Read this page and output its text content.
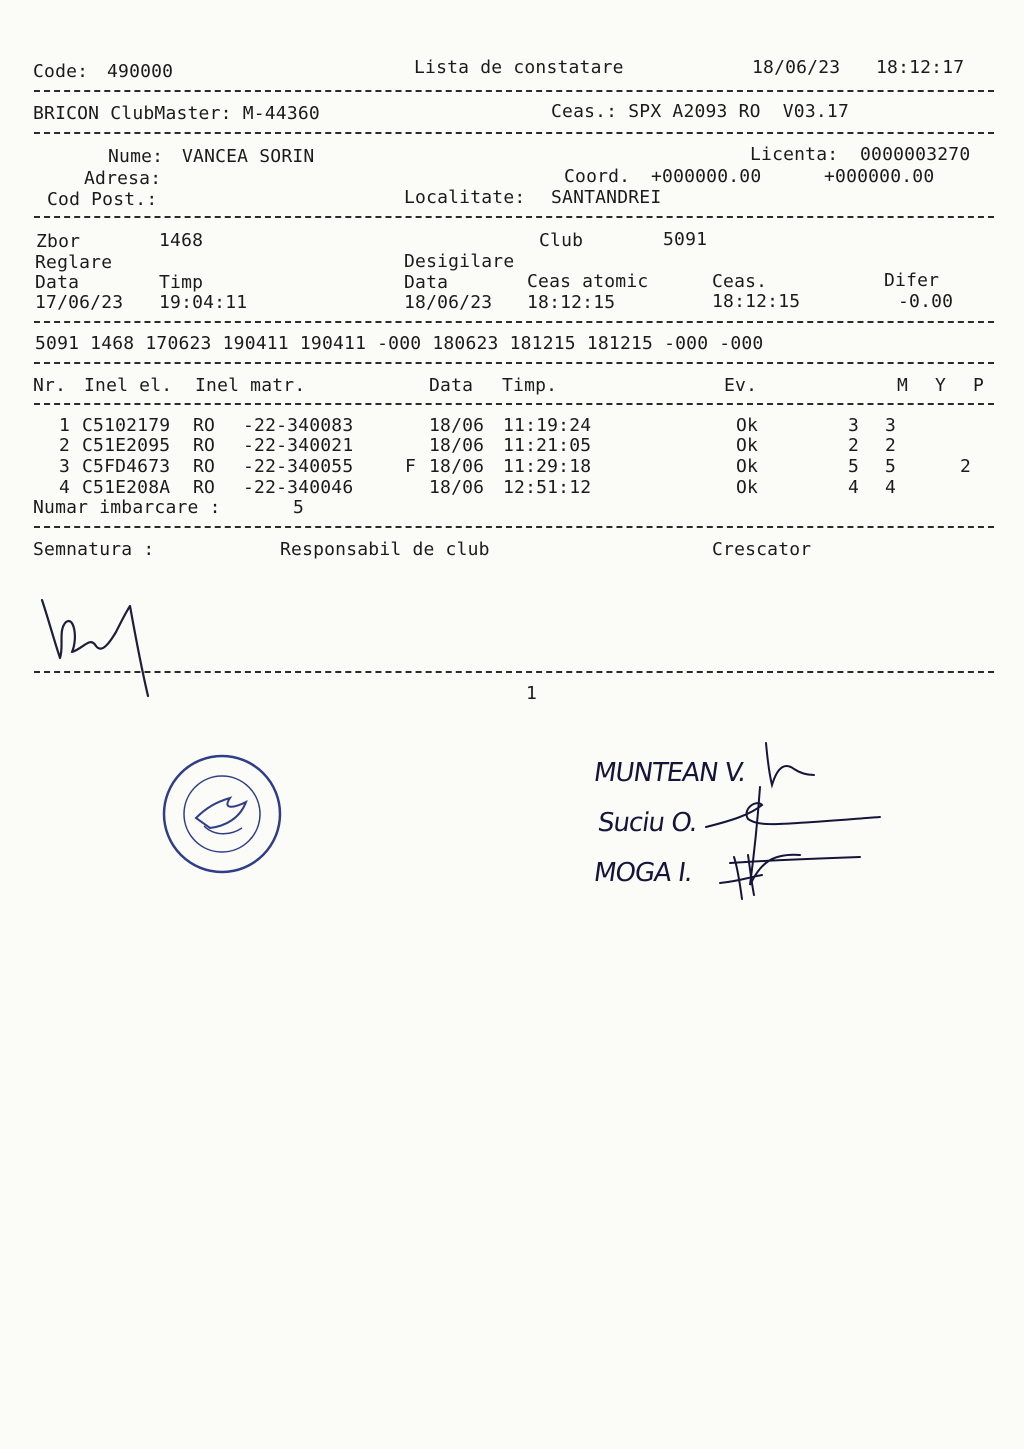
Code: 490000	Lista de constatare	18/06/23 18:12:17
BRICON ClubMaster: M-44360	Ceas.: SPX A2093 RO  V03.17
Nume: VANCEA SORIN	Licenta: 0000003270
Adresa:	Coord. +000000.00	+000000.00
Cod Post.:	Localitate: SANTANDREI
Zbor	1468	Club	5091
Reglare	Desigilare
Data	Timp	Data	Ceas atomic	Ceas.	Difer
17/06/23 19:04:11	18/06/23 18:12:15	18:12:15	-0.00
5091 1468 170623 190411 190411 -000 180623 181215 181215 -000 -000
Nr. Inel el. Inel matr.	Data Timp.	Ev.	M Y P
1 C5102179 RO -22-340083	18/06 11:19:24	Ok	3 3
2 C51E2095 RO -22-340021	18/06 11:21:05	Ok	2 2
3 C5FD4673 RO -22-340055	F 18/06 11:29:18	Ok	5 5	2
4 C51E208A RO -22-340046	18/06 12:51:12	Ok	4 4
Numar imbarcare :	5
Semnatura :	Responsabil de club	Crescator
1
MUNTEAN V.
Suciu O.
MOGA I.
